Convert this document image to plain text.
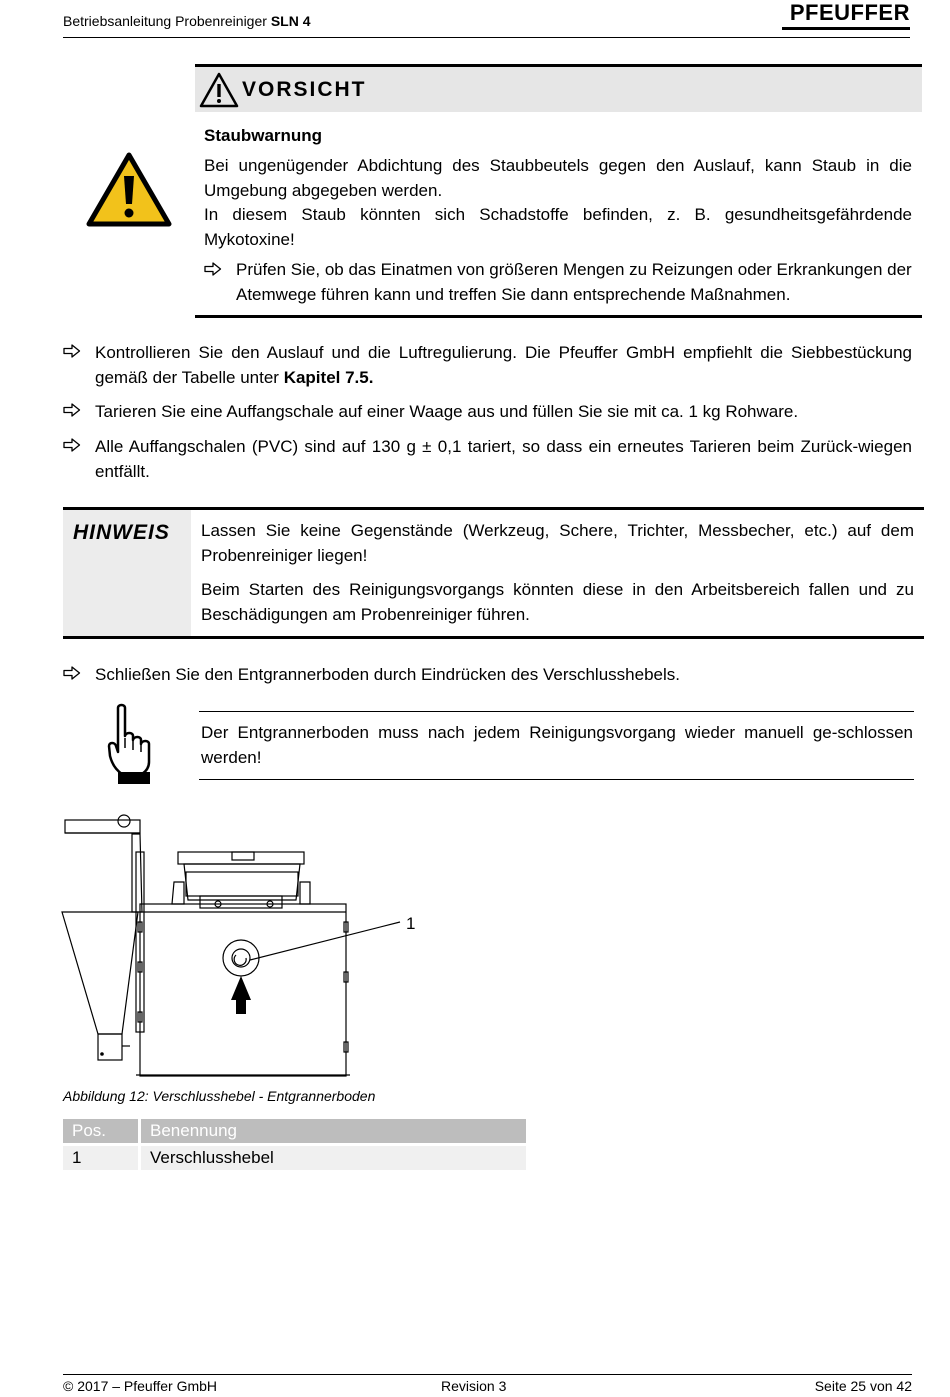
Betriebsanleitung Probenreiniger SLN 4	PFEUFFER
VORSICHT
Staubwarnung
Bei ungenügender Abdichtung des Staubbeutels gegen den Auslauf, kann Staub in die Umgebung abgegeben werden.
In diesem Staub könnten sich Schadstoffe befinden, z. B. gesundheitsgefährdende Mykotoxine!
Prüfen Sie, ob das Einatmen von größeren Mengen zu Reizungen oder Erkrankungen der Atemwege führen kann und treffen Sie dann entsprechende Maßnahmen.
Kontrollieren Sie den Auslauf und die Luftregulierung. Die Pfeuffer GmbH empfiehlt die Siebbestückung gemäß der Tabelle unter Kapitel 7.5.
Tarieren Sie eine Auffangschale auf einer Waage aus und füllen Sie sie mit ca. 1 kg Rohware.
Alle Auffangschalen (PVC) sind auf 130 g ± 0,1 tariert, so dass ein erneutes Tarieren beim Zurück-wiegen entfällt.
HINWEIS Lassen Sie keine Gegenstände (Werkzeug, Schere, Trichter, Messbecher, etc.) auf dem Probenreiniger liegen!
Beim Starten des Reinigungsvorgangs könnten diese in den Arbeitsbereich fallen und zu Beschädigungen am Probenreiniger führen.
Schließen Sie den Entgrannerboden durch Eindrücken des Verschlusshebels.
Der Entgrannerboden muss nach jedem Reinigungsvorgang wieder manuell ge-schlossen werden!
1
Abbildung 12: Verschlusshebel - Entgrannerboden
Pos.	Benennung
1	Verschlusshebel
© 2017 – Pfeuffer GmbH	Revision 3	Seite 25 von 42
